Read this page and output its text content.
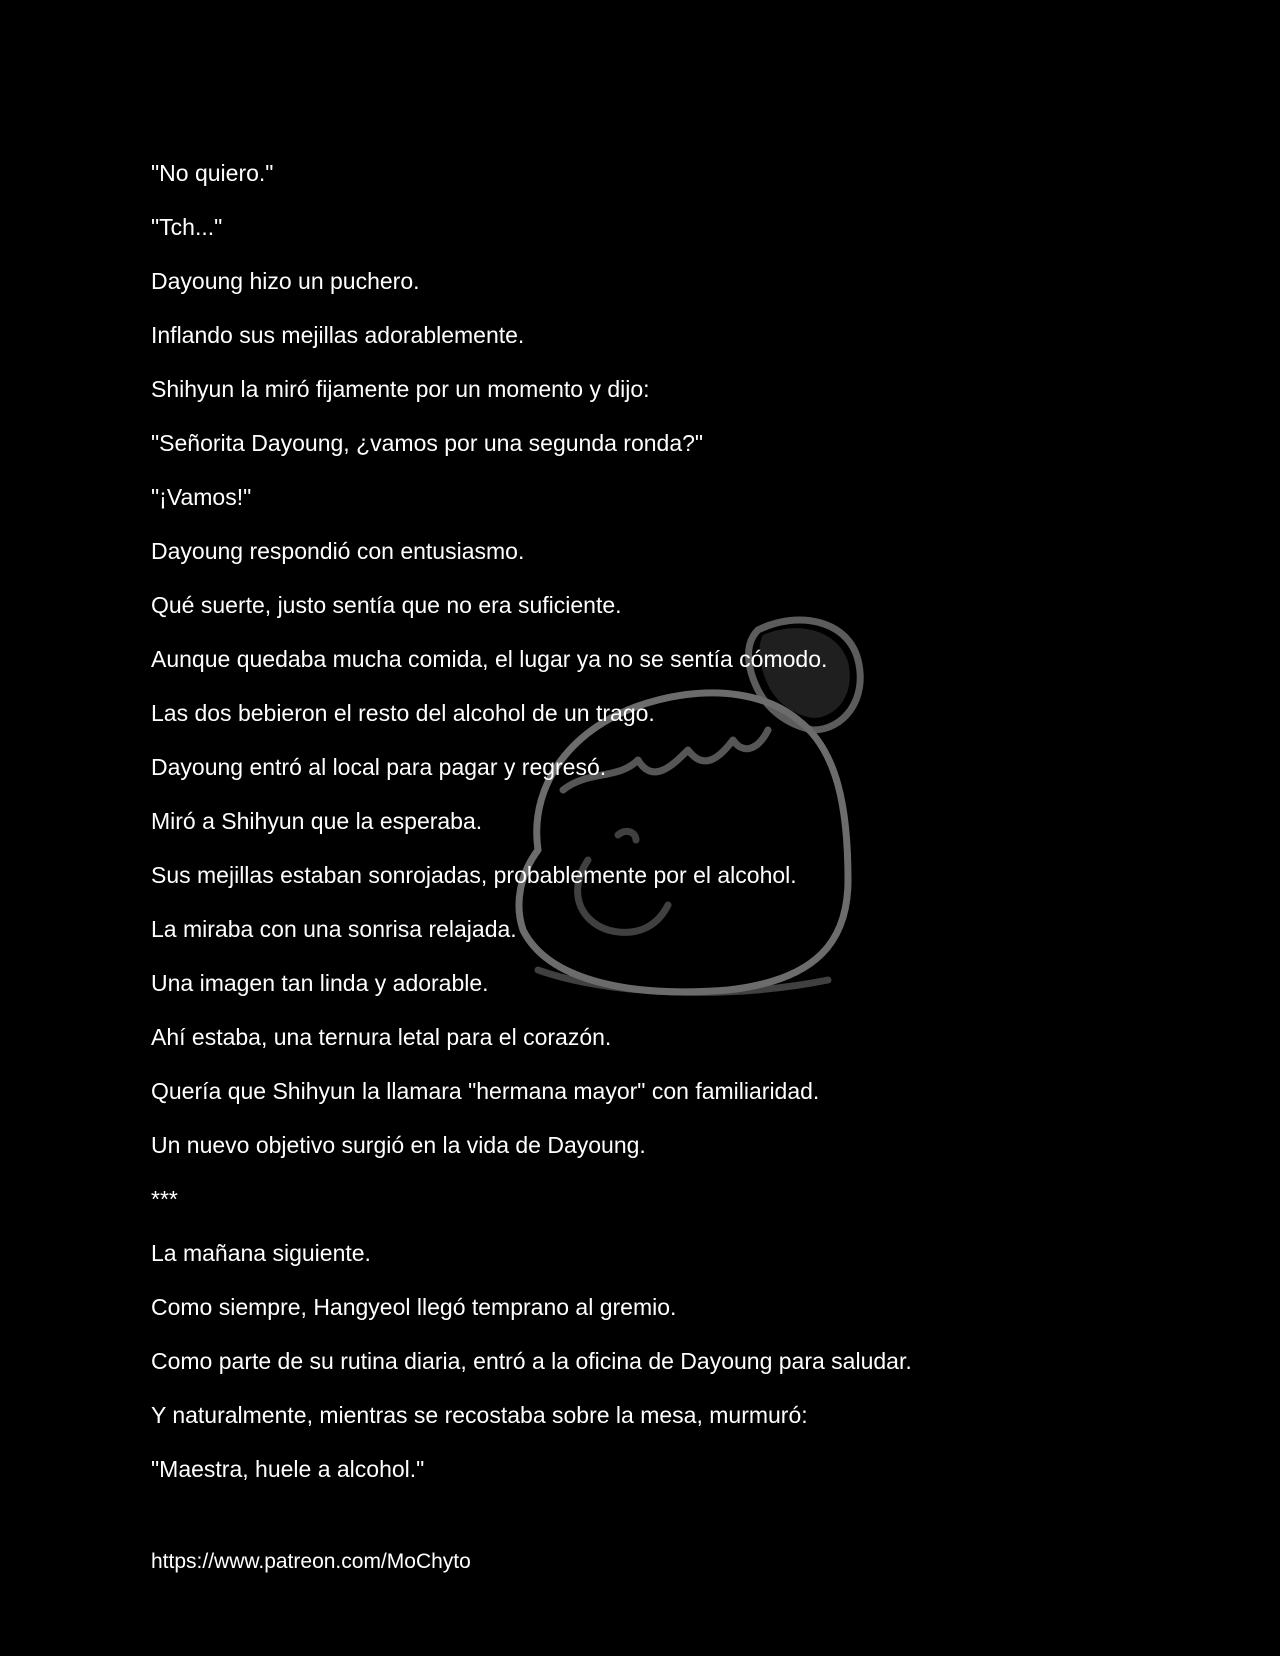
"No quiero."
"Tch..."
Dayoung hizo un puchero.
Inflando sus mejillas adorablemente.
Shihyun la miró fijamente por un momento y dijo:
"Señorita Dayoung, ¿vamos por una segunda ronda?"
"¡Vamos!"
Dayoung respondió con entusiasmo.
Qué suerte, justo sentía que no era suficiente.
Aunque quedaba mucha comida, el lugar ya no se sentía cómodo.
Las dos bebieron el resto del alcohol de un trago.
Dayoung entró al local para pagar y regresó.
Miró a Shihyun que la esperaba.
Sus mejillas estaban sonrojadas, probablemente por el alcohol.
La miraba con una sonrisa relajada.
Una imagen tan linda y adorable.
Ahí estaba, una ternura letal para el corazón.
Quería que Shihyun la llamara "hermana mayor" con familiaridad.
Un nuevo objetivo surgió en la vida de Dayoung.
***
La mañana siguiente.
Como siempre, Hangyeol llegó temprano al gremio.
Como parte de su rutina diaria, entró a la oficina de Dayoung para saludar.
Y naturalmente, mientras se recostaba sobre la mesa, murmuró:
"Maestra, huele a alcohol."
https://www.patreon.com/MoChyto
